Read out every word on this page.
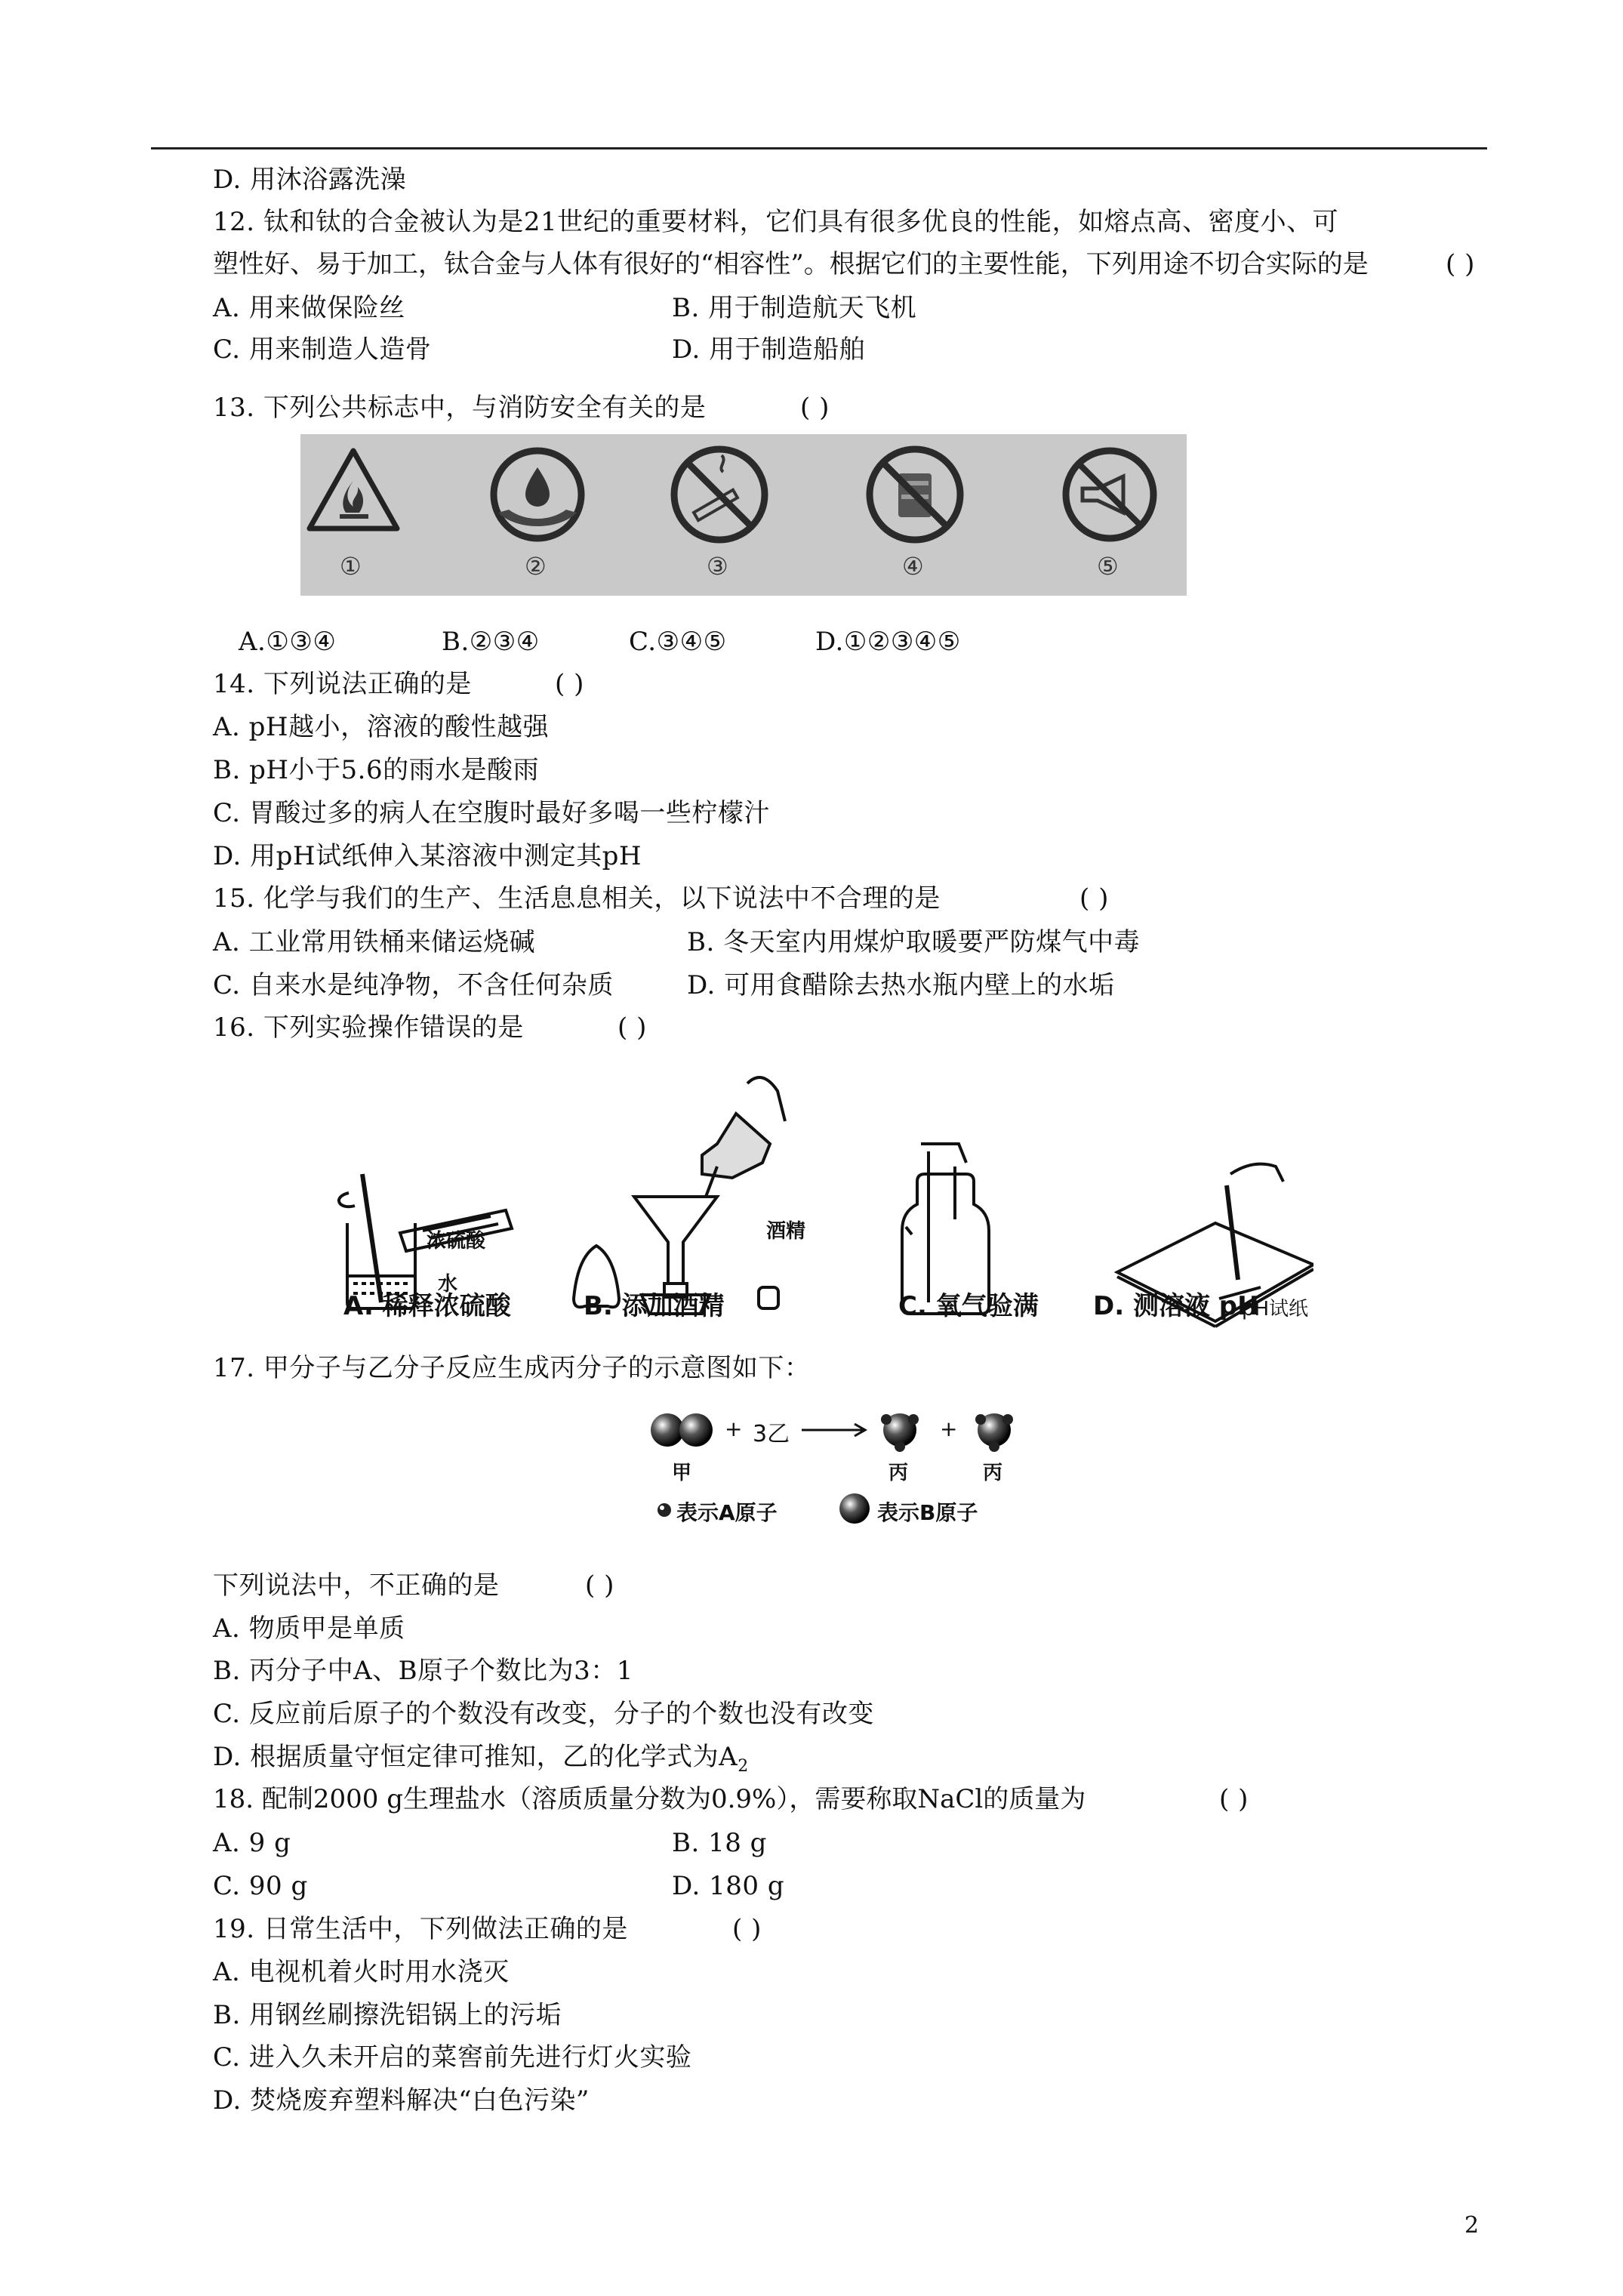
D. 用沐浴露洗澡
12. 钛和钛的合金被认为是21世纪的重要材料，它们具有很多优良的性能，如熔点高、密度小、可
塑性好、易于加工，钛合金与人体有很好的“相容性”。根据它们的主要性能，下列用途不切合实际的是	( )
A. 用来做保险丝	B. 用于制造航天飞机
C. 用来制造人造骨	D. 用于制造船舶
13. 下列公共标志中，与消防安全有关的是	( )
①	②	③	④	⑤
A.①③④	B.②③④	C.③④⑤	D.①②③④⑤
14. 下列说法正确的是	( )
A. pH越小，溶液的酸性越强
B. pH小于5.6的雨水是酸雨
C. 胃酸过多的病人在空腹时最好多喝一些柠檬汁
D. 用pH试纸伸入某溶液中测定其pH
15. 化学与我们的生产、生活息息相关，以下说法中不合理的是	( )
A. 工业常用铁桶来储运烧碱	B. 冬天室内用煤炉取暖要严防煤气中毒
C. 自来水是纯净物，不含任何杂质	D. 可用食醋除去热水瓶内壁上的水垢
16. 下列实验操作错误的是	( )
浓硫酸
水
酒精
pH试纸
A. 稀释浓硫酸	B. 添加酒精	C. 氧气验满 D. 测溶液 pH
17. 甲分子与乙分子反应生成丙分子的示意图如下：
+ 3乙	+
甲	丙	丙
表示A原子	表示B原子
下列说法中，不正确的是	( )
A. 物质甲是单质
B. 丙分子中A、B原子个数比为3：1
C. 反应前后原子的个数没有改变，分子的个数也没有改变
D. 根据质量守恒定律可推知，乙的化学式为$A_2$
18. 配制2000 g生理盐水（溶质质量分数为0.9%），需要称取NaCl的质量为	( )
A. 9 g	B. 18 g
C. 90 g	D. 180 g
19. 日常生活中，下列做法正确的是	( )
A. 电视机着火时用水浇灭
B. 用钢丝刷擦洗铝锅上的污垢
C. 进入久未开启的菜窖前先进行灯火实验
D. 焚烧废弃塑料解决“白色污染”
2
